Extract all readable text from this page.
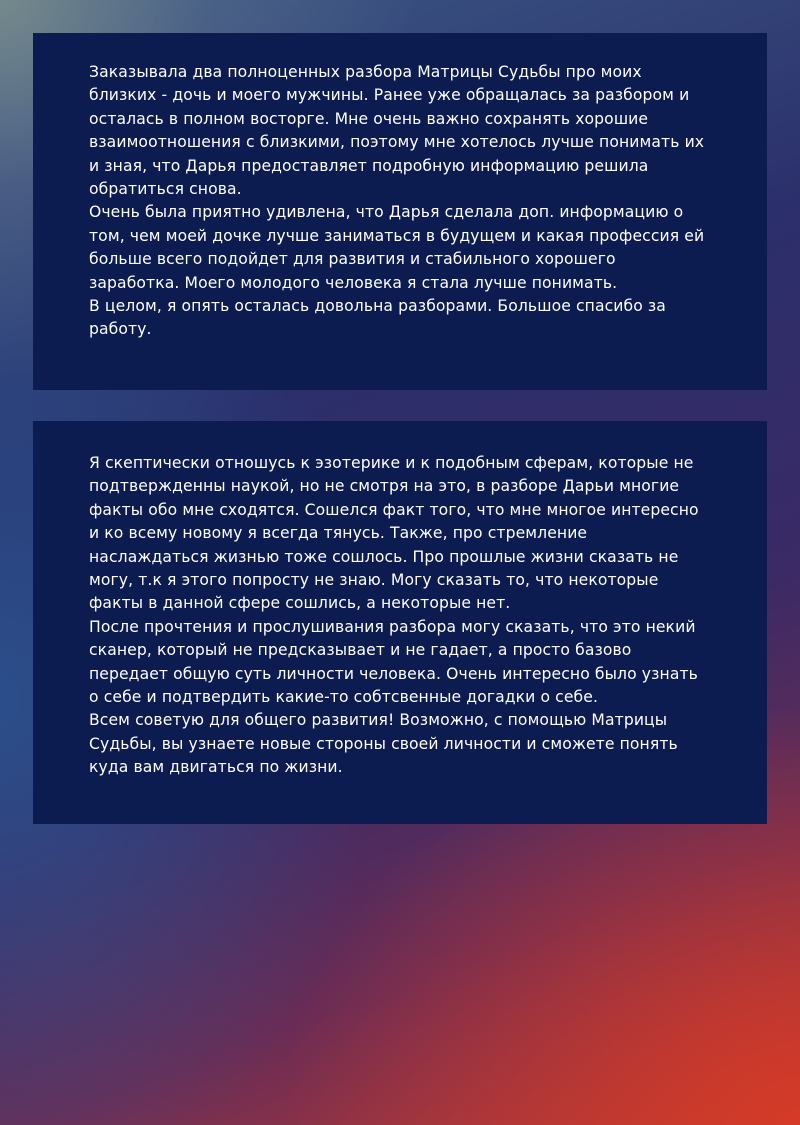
Заказывала два полноценных разбора Матрицы Судьбы про моих близких - дочь и моего мужчины. Ранее уже обращалась за разбором и осталась в полном восторге. Мне очень важно сохранять хорошие взаимоотношения с близкими, поэтому мне хотелось лучше понимать их и зная, что Дарья предоставляет подробную информацию решила обратиться снова.

Очень была приятно удивлена, что Дарья сделала доп. информацию о том, чем моей дочке лучше заниматься в будущем и какая профессия ей больше всего подойдет для развития и стабильного хорошего заработка. Моего молодого человека я стала лучше понимать.

В целом, я опять осталась довольна разборами. Большое спасибо за работу.

Я скептически отношусь к эзотерике и к подобным сферам, которые не подтвержденны наукой, но не смотря на это, в разборе Дарьи многие факты обо мне сходятся. Сошелся факт того, что мне многое интересно и ко всему новому я всегда тянусь. Также, про стремление наслаждаться жизнью тоже сошлось. Про прошлые жизни сказать не могу, т.к я этого попросту не знаю. Могу сказать то, что некоторые факты в данной сфере сошлись, а некоторые нет.

После прочтения и прослушивания разбора могу сказать, что это некий сканер, который не предсказывает и не гадает, а просто базово передает общую суть личности человека. Очень интересно было узнать о себе и подтвердить какие-то собтсвенные догадки о себе.

Всем советую для общего развития! Возможно, с помощью Матрицы Судьбы, вы узнаете новые стороны своей личности и сможете понять куда вам двигаться по жизни.
